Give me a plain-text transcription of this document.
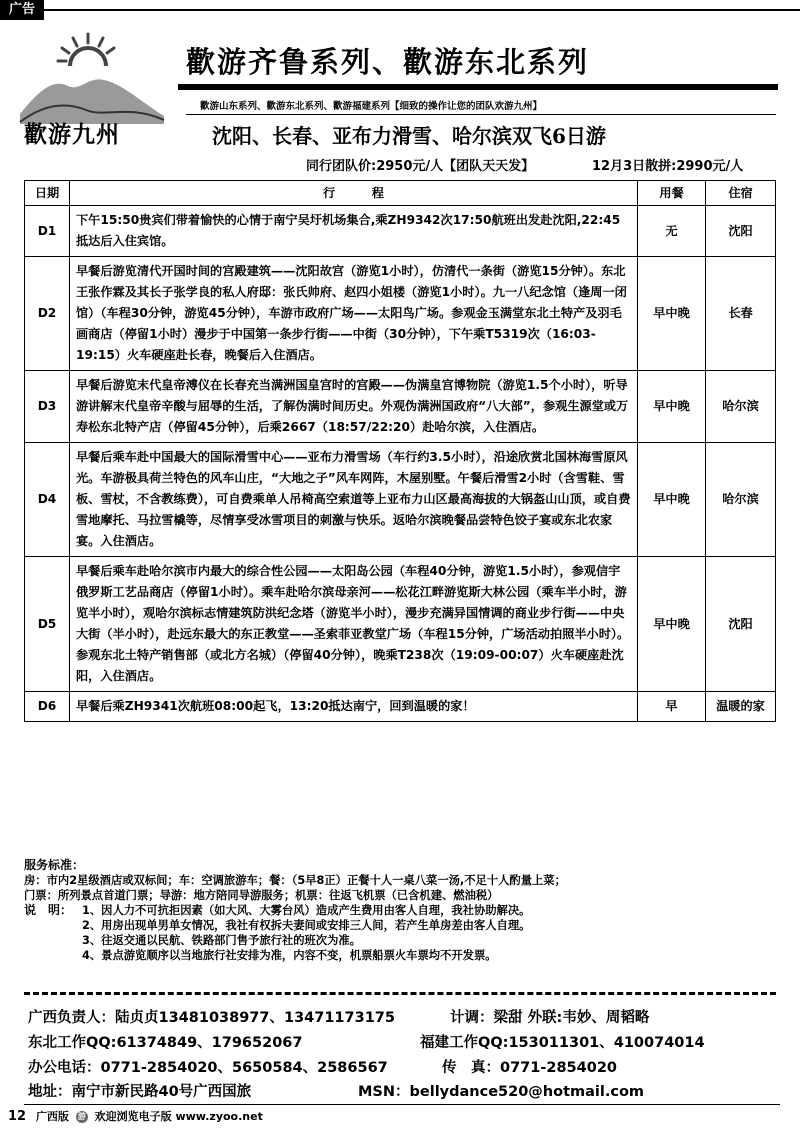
广告
歡游九州
歡游齐鲁系列、歡游东北系列
歡游山东系列、歡游东北系列、歡游福建系列【细致的操作让您的团队欢游九州】
沈阳、长春、亚布力滑雪、哈尔滨双飞6日游
同行团队价:2950元/人【团队天天发】	12月3日散拼:2990元/人
日期	行　　　程	用餐	住宿
D1	下午15:50贵宾们带着愉快的心情于南宁吴圩机场集合,乘ZH9342次17:50航班出发赴沈阳,22:45抵达后入住宾馆。	无	沈阳
D2	早餐后游览清代开国时间的宫殿建筑——沈阳故宫（游览1小时），仿清代一条街（游览15分钟）。东北王张作霖及其长子张学良的私人府邸：张氏帅府、赵四小姐楼（游览1小时）。九一八纪念馆（逢周一闭馆）（车程30分钟，游览45分钟），车游市政府广场——太阳鸟广场。参观金玉满堂东北土特产及羽毛画商店（停留1小时）漫步于中国第一条步行街——中街（30分钟），下午乘T5319次（16:03-19:15）火车硬座赴长春，晚餐后入住酒店。	早中晚	长春
D3	早餐后游览末代皇帝溥仪在长春充当满洲国皇宫时的宫殿——伪满皇宫博物院（游览1.5个小时），听导游讲解末代皇帝辛酸与屈辱的生活，了解伪满时间历史。外观伪满洲国政府“八大部”，参观生源堂或万寿松东北特产店（停留45分钟），后乘2667（18:57/22:20）赴哈尔滨，入住酒店。	早中晚	哈尔滨
D4	早餐后乘车赴中国最大的国际滑雪中心——亚布力滑雪场（车行约3.5小时），沿途欣赏北国林海雪原风光。车游极具荷兰特色的风车山庄，“大地之子”风车网阵，木屋别墅。午餐后滑雪2小时（含雪鞋、雪板、雪杖，不含教练费），可自费乘单人吊椅高空索道等上亚布力山区最高海拔的大锅盔山山顶，或自费雪地摩托、马拉雪橇等，尽情享受冰雪项目的刺激与快乐。返哈尔滨晚餐品尝特色饺子宴或东北农家宴。入住酒店。	早中晚	哈尔滨
D5	早餐后乘车赴哈尔滨市内最大的综合性公园——太阳岛公园（车程40分钟，游览1.5小时），参观信宇俄罗斯工艺品商店（停留1小时）。乘车赴哈尔滨母亲河——松花江畔游览斯大林公园（乘车半小时，游览半小时），观哈尔滨标志情建筑防洪纪念塔（游览半小时），漫步充满异国情调的商业步行街——中央大街（半小时），赴远东最大的东正教堂——圣索菲亚教堂广场（车程15分钟，广场活动拍照半小时）。参观东北土特产销售部（或北方名城）（停留40分钟），晚乘T238次（19:09-00:07）火车硬座赴沈阳，入住酒店。	早中晚	沈阳
D6	早餐后乘ZH9341次航班08:00起飞，13:20抵达南宁，回到温暖的家！	早	温暖的家
服务标准：
房：市内2星级酒店或双标间；车：空调旅游车；餐：（5早8正）正餐十人一桌八菜一汤,不足十人酌量上菜；
门票：所列景点首道门票；导游：地方陪同导游服务；机票：往返飞机票（已含机建、燃油税）
说　明： 1、因人力不可抗拒因素（如大风、大雾台风）造成产生费用由客人自理，我社协助解决。
2、用房出现单男单女情况，我社有权拆夫妻间或安排三人间，若产生单房差由客人自理。
3、往返交通以民航、铁路部门售予旅行社的班次为准。
4、景点游览顺序以当地旅行社安排为准，内容不变，机票船票火车票均不开发票。
广西负责人：陆贞贞13481038977、13471173175	计调：梁甜 外联:韦妙、周韬略
东北工作QQ:61374849、179652067	福建工作QQ:153011301、410074014
办公电话：0771-2854020、5650584、2586567	传　真：0771-2854020
地址：南宁市新民路40号广西国旅	MSN：bellydance520@hotmail.com
12 广西版 游 欢迎浏览电子版 www.zyoo.net
